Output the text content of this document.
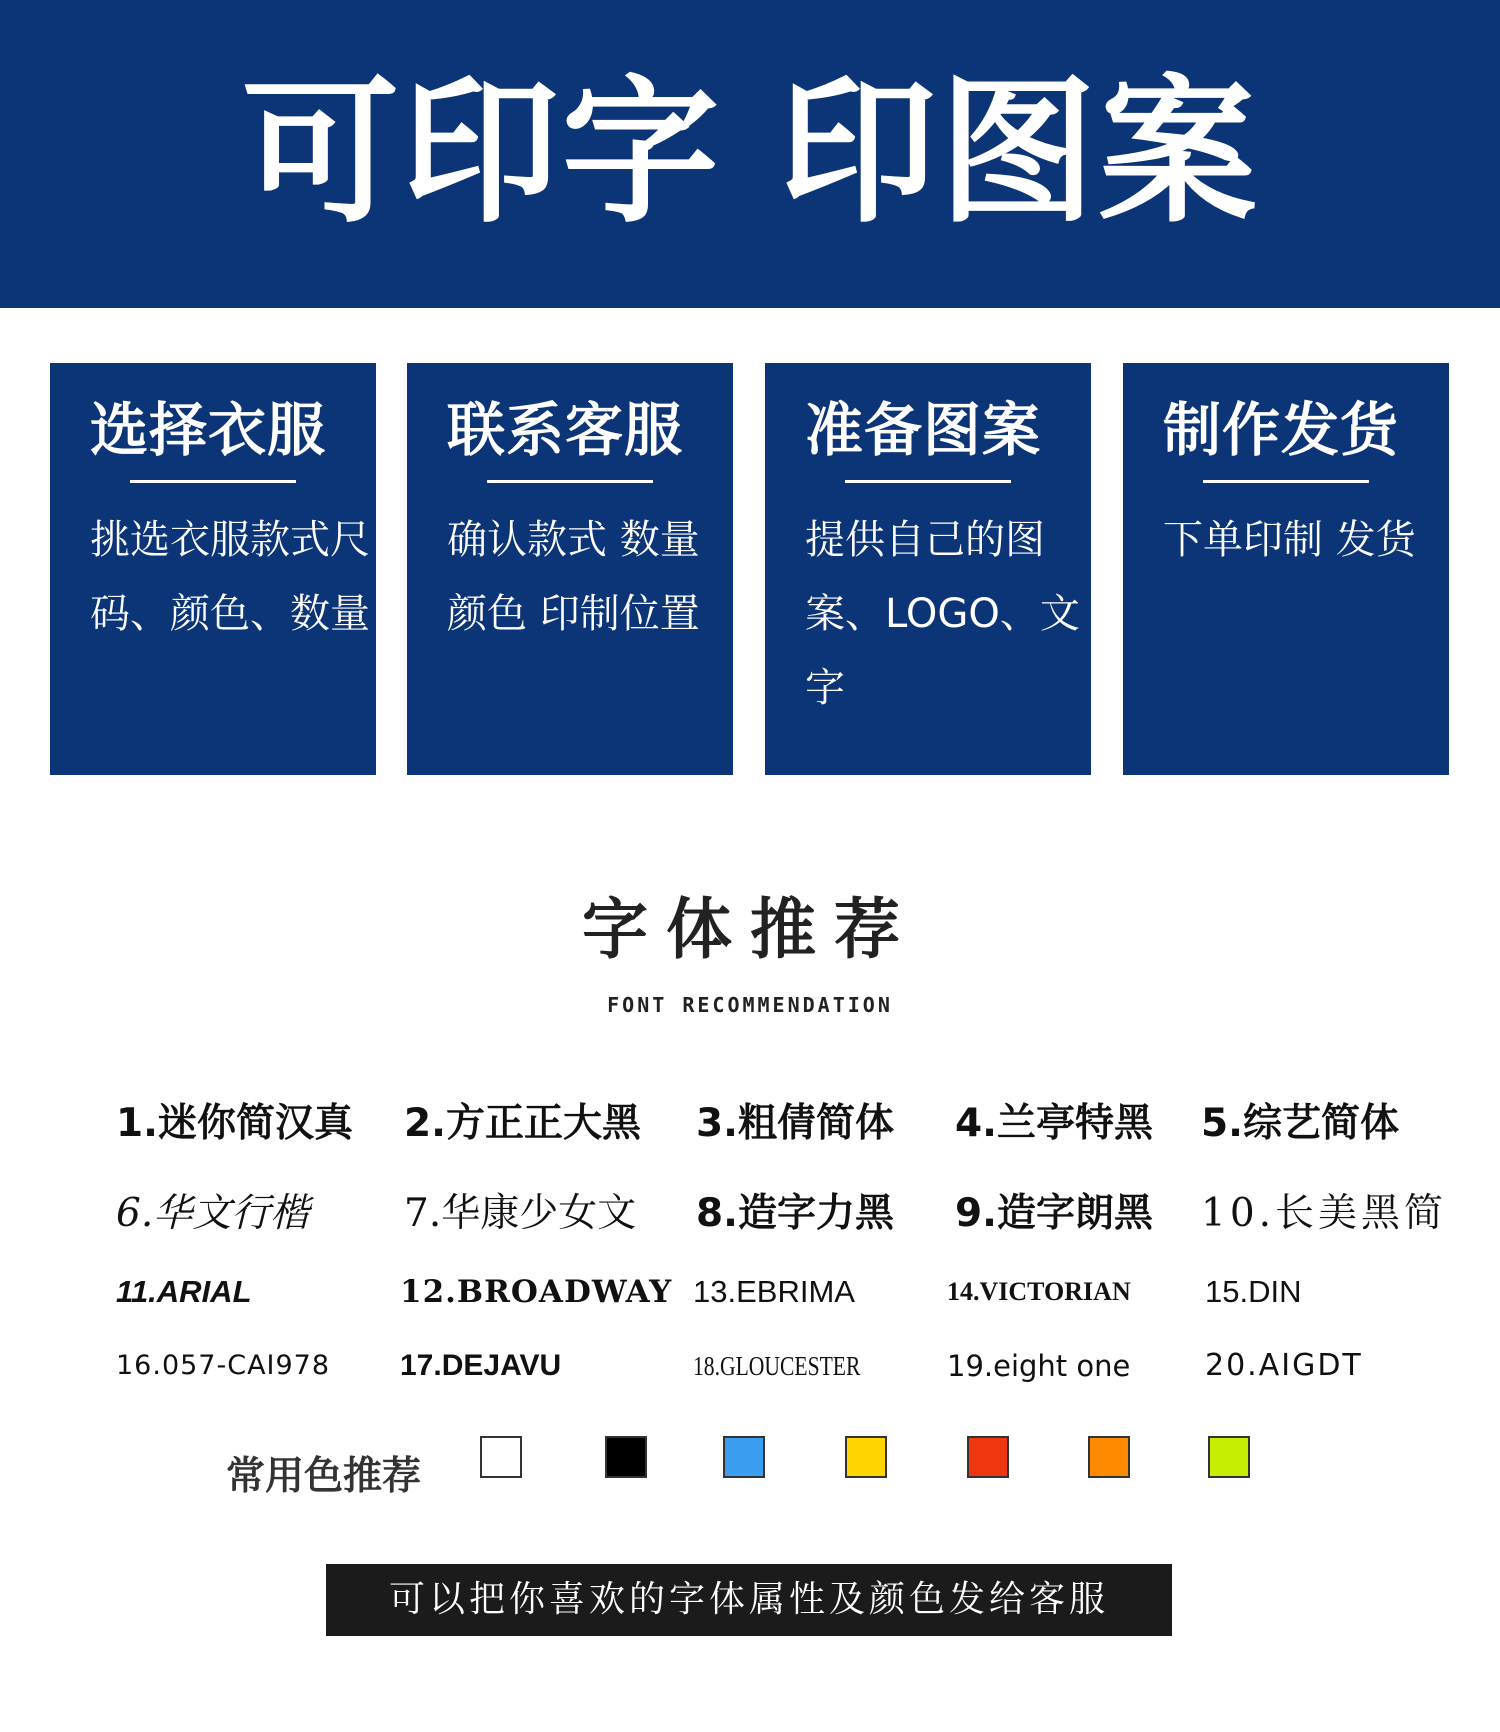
可印字 印图案
选择衣服
挑选衣服款式尺码、颜色、数量
联系客服
确认款式 数量颜色 印制位置
准备图案
提供自己的图案、LOGO、文字
制作发货
下单印制 发货
字体推荐
FONT RECOMMENDATION
1.迷你简汉真 2.方正正大黑 3.粗倩简体 4.兰亭特黑 5.综艺简体
6.华文行楷 7.华康少女文 8.造字力黑 9.造字朗黑 10.长美黑简
11.ARIAL	12.BROADWAY 13.EBRIMA	14.VICTORIAN 15.DIN
16.057-CAI978 17.DEJAVU	18.GLOUCESTER	19.eight one 20.AIGDT
常用色推荐
可以把你喜欢的字体属性及颜色发给客服
